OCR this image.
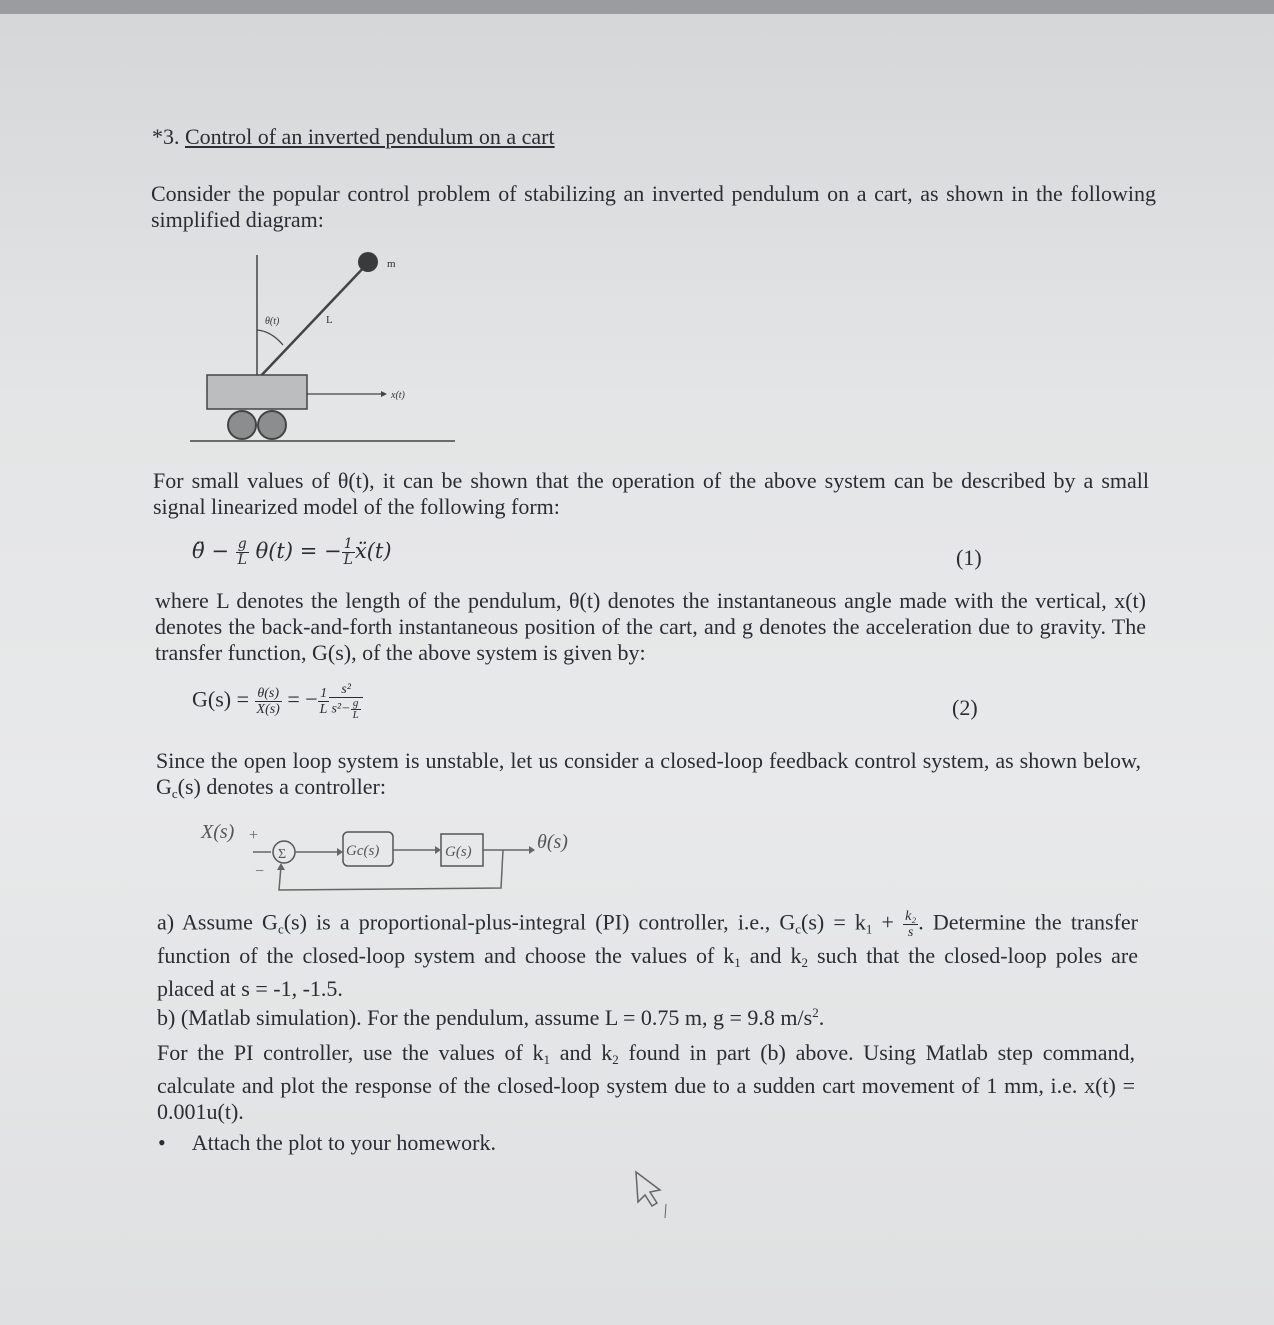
*3. Control of an inverted pendulum on a cart
Consider the popular control problem of stabilizing an inverted pendulum on a cart, as shown in the following simplified diagram:
m
L
θ(t)
x(t)
For small values of θ(t), it can be shown that the operation of the above system can be described by a small signal linearized model of the following form:
θ̈ − $\frac{g}{L} \theta(t)$ = − $\frac{1}{L}$ ẍ(t)	(1)
where L denotes the length of the pendulum, θ(t) denotes the instantaneous angle made with the vertical, x(t) denotes the back-and-forth instantaneous position of the cart, and g denotes the acceleration due to gravity. The transfer function, G(s), of the above system is given by:
$G(s) = \frac{\theta(s)}{X(s)}$ = − $\frac{1}{L} \frac{\text{s²}}{s^2- \frac{g}{L}}$	(2)
Since the open loop system is unstable, let us consider a closed-loop feedback control system, as shown below, $G_c(s)$ denotes a controller:
X(s) +
Σ
−
Gc(s)	G(s)	θ(s)
a) Assume $G_c(s)$ is a proportional-plus-integral (PI) controller, i.e., $G_c(s) = k_1 + \frac{\text{k₂}}{s}$ . Determine the transfer function of the closed-loop system and choose the values of $k_1$ and $k_2$ such that the closed-loop poles are placed at s = -1, -1.5.
b) (Matlab simulation). For the pendulum, assume L = 0.75 m, g = 9.8 $m/s^2$.
For the PI controller, use the values of $k_1$ and $k_2$ found in part (b) above. Using Matlab step command, calculate and plot the response of the closed-loop system due to a sudden cart movement of 1 mm, i.e. x(t) = 0.001u(t).
• Attach the plot to your homework.
